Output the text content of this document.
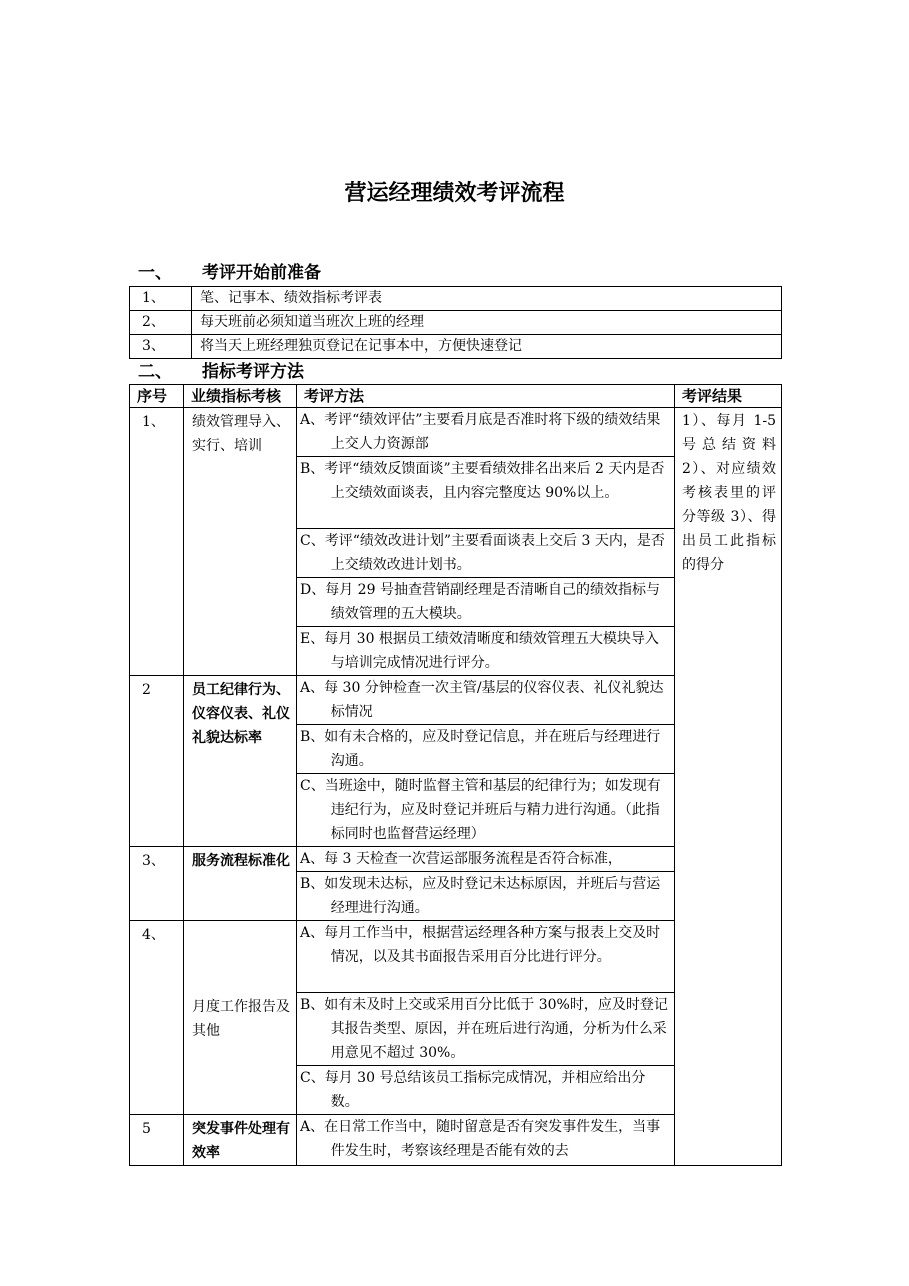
营运经理绩效考评流程
一、 考评开始前准备
1、	笔、记事本、绩效指标考评表
2、	每天班前必须知道当班次上班的经理
3、	将当天上班经理独页登记在记事本中，方便快速登记
二、 指标考评方法
序号	业绩指标考核	考评方法	考评结果
1、	绩效管理导入、实行、培训	A、考评“绩效评估”主要看月底是否准时将下级的绩效结果上交人力资源部	1）、每月 1-5 号总结资料 2）、对应绩效考核表里的评分等级 3）、得出员工此指标的得分

		B、考评“绩效反馈面谈”主要看绩效排名出来后 2 天内是否上交绩效面谈表，且内容完整度达 90%以上。	

		C、考评“绩效改进计划”主要看面谈表上交后 3 天内，是否上交绩效改进计划书。	

		D、每月 29 号抽查营销副经理是否清晰自己的绩效指标与绩效管理的五大模块。	

		E、每月 30 根据员工绩效清晰度和绩效管理五大模块导入与培训完成情况进行评分。	

2	员工纪律行为、仪容仪表、礼仪礼貌达标率	A、每 30 分钟检查一次主管/基层的仪容仪表、礼仪礼貌达标情况	

		B、如有未合格的，应及时登记信息，并在班后与经理进行沟通。	

		C、当班途中，随时监督主管和基层的纪律行为；如发现有违纪行为，应及时登记并班后与精力进行沟通。（此指标同时也监督营运经理）	

3、	服务流程标准化	A、每 3 天检查一次营运部服务流程是否符合标准，	

		B、如发现未达标，应及时登记未达标原因，并班后与营运经理进行沟通。	

4、	月度工作报告及其他	A、每月工作当中，根据营运经理各种方案与报表上交及时情况，以及其书面报告采用百分比进行评分。	

		B、如有未及时上交或采用百分比低于 30%时，应及时登记其报告类型、原因，并在班后进行沟通，分析为什么采用意见不超过 30%。	

		C、每月 30 号总结该员工指标完成情况，并相应给出分数。	

5	突发事件处理有效率	A、在日常工作当中，随时留意是否有突发事件发生，当事件发生时，考察该经理是否能有效的去	
